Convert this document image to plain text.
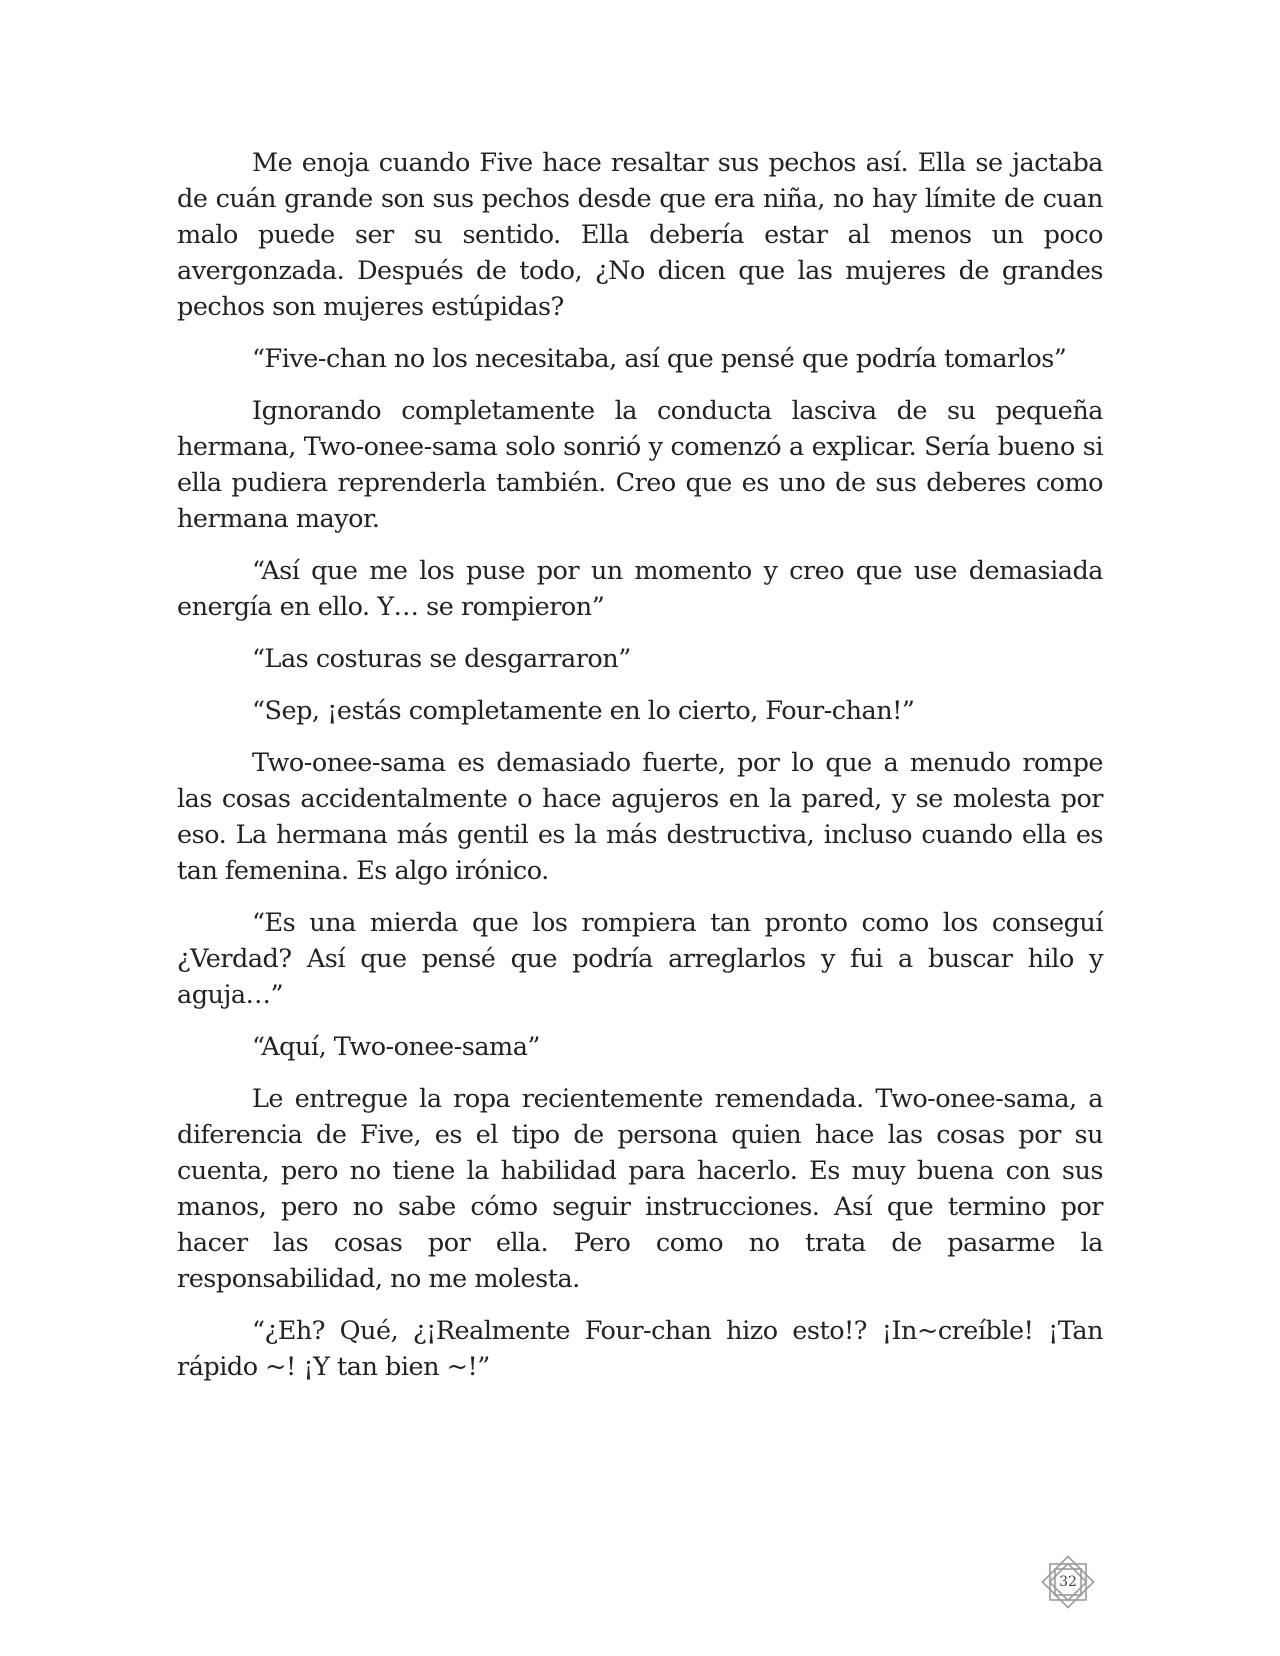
Me enoja cuando Five hace resaltar sus pechos así. Ella se jactaba de cuán grande son sus pechos desde que era niña, no hay límite de cuan malo puede ser su sentido. Ella debería estar al menos un poco avergonzada. Después de todo, ¿No dicen que las mujeres de grandes pechos son mujeres estúpidas?

“Five-chan no los necesitaba, así que pensé que podría tomarlos”

Ignorando completamente la conducta lasciva de su pequeña hermana, Two-onee-sama solo sonrió y comenzó a explicar. Sería bueno si ella pudiera reprenderla también. Creo que es uno de sus deberes como hermana mayor.

“Así que me los puse por un momento y creo que use demasiada energía en ello. Y… se rompieron”

“Las costuras se desgarraron”

“Sep, ¡estás completamente en lo cierto, Four-chan!”

Two-onee-sama es demasiado fuerte, por lo que a menudo rompe las cosas accidentalmente o hace agujeros en la pared, y se molesta por eso. La hermana más gentil es la más destructiva, incluso cuando ella es tan femenina. Es algo irónico.

“Es una mierda que los rompiera tan pronto como los conseguí ¿Verdad? Así que pensé que podría arreglarlos y fui a buscar hilo y aguja…”

“Aquí, Two-onee-sama”

Le entregue la ropa recientemente remendada. Two-onee-sama, a diferencia de Five, es el tipo de persona quien hace las cosas por su cuenta, pero no tiene la habilidad para hacerlo. Es muy buena con sus manos, pero no sabe cómo seguir instrucciones. Así que termino por hacer las cosas por ella. Pero como no trata de pasarme la responsabilidad, no me molesta.

“¿Eh? Qué, ¿¡Realmente Four-chan hizo esto!? ¡In~creíble! ¡Tan rápido ~! ¡Y tan bien ~!”

32
